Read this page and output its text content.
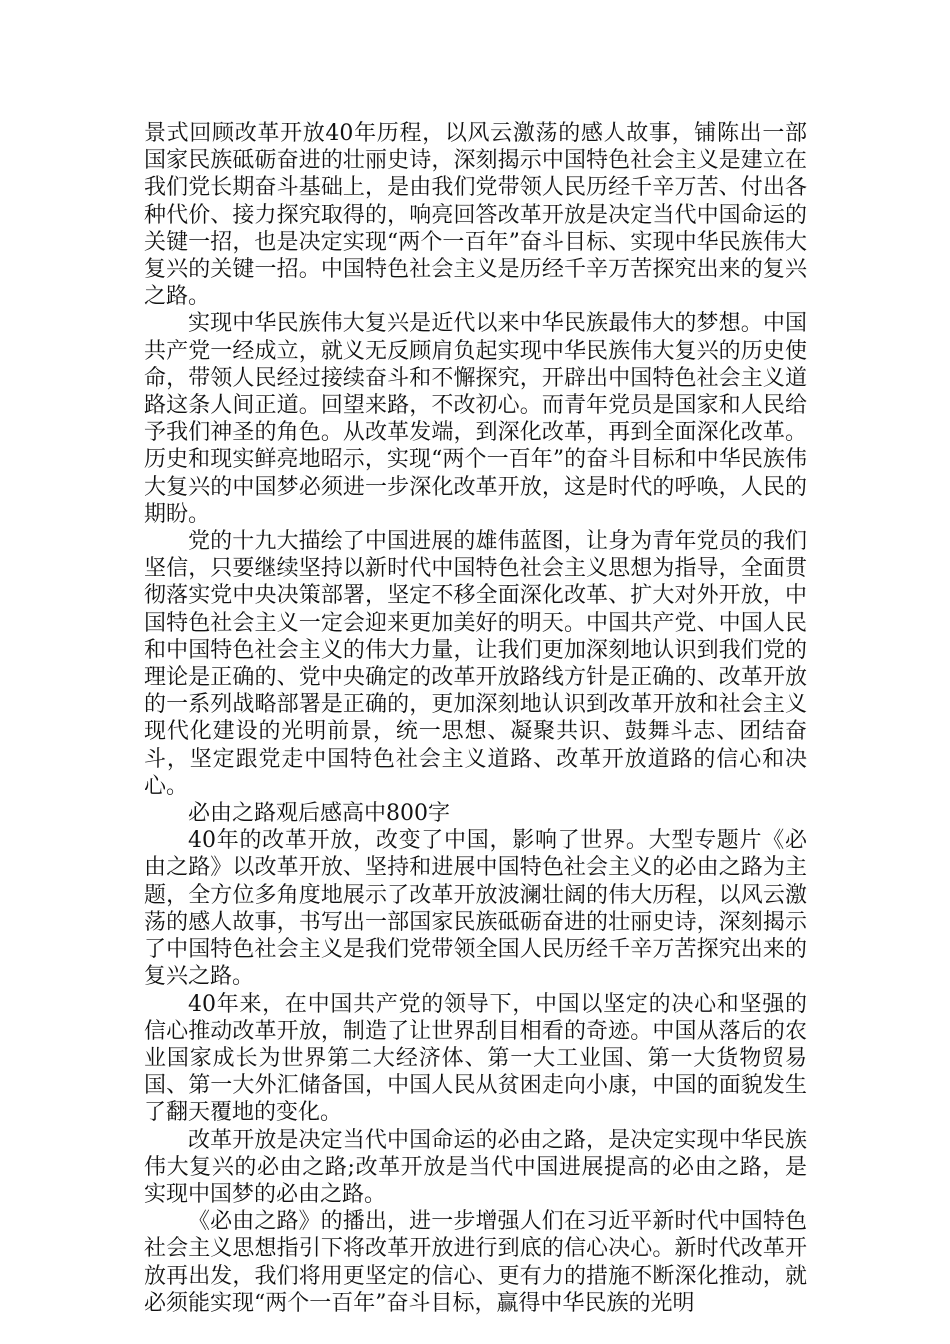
景式回顾改革开放40年历程，以风云激荡的感人故事，铺陈出一部国家民族砥砺奋进的壮丽史诗，深刻揭示中国特色社会主义是建立在我们党长期奋斗基础上，是由我们党带领人民历经千辛万苦、付出各种代价、接力探究取得的，响亮回答改革开放是决定当代中国命运的关键一招，也是决定实现“两个一百年”奋斗目标、实现中华民族伟大复兴的关键一招。中国特色社会主义是历经千辛万苦探究出来的复兴之路。

实现中华民族伟大复兴是近代以来中华民族最伟大的梦想。中国共产党一经成立，就义无反顾肩负起实现中华民族伟大复兴的历史使命，带领人民经过接续奋斗和不懈探究，开辟出中国特色社会主义道路这条人间正道。回望来路，不改初心。而青年党员是国家和人民给予我们神圣的角色。从改革发端，到深化改革，再到全面深化改革。历史和现实鲜亮地昭示，实现“两个一百年”的奋斗目标和中华民族伟大复兴的中国梦必须进一步深化改革开放，这是时代的呼唤，人民的期盼。

党的十九大描绘了中国进展的雄伟蓝图，让身为青年党员的我们坚信，只要继续坚持以新时代中国特色社会主义思想为指导，全面贯彻落实党中央决策部署，坚定不移全面深化改革、扩大对外开放，中国特色社会主义一定会迎来更加美好的明天。中国共产党、中国人民和中国特色社会主义的伟大力量，让我们更加深刻地认识到我们党的理论是正确的、党中央确定的改革开放路线方针是正确的、改革开放的一系列战略部署是正确的，更加深刻地认识到改革开放和社会主义现代化建设的光明前景，统一思想、凝聚共识、鼓舞斗志、团结奋斗，坚定跟党走中国特色社会主义道路、改革开放道路的信心和决心。

必由之路观后感高中800字

40年的改革开放，改变了中国，影响了世界。大型专题片《必由之路》以改革开放、坚持和进展中国特色社会主义的必由之路为主题，全方位多角度地展示了改革开放波澜壮阔的伟大历程，以风云激荡的感人故事，书写出一部国家民族砥砺奋进的壮丽史诗，深刻揭示了中国特色社会主义是我们党带领全国人民历经千辛万苦探究出来的复兴之路。

40年来，在中国共产党的领导下，中国以坚定的决心和坚强的信心推动改革开放，制造了让世界刮目相看的奇迹。中国从落后的农业国家成长为世界第二大经济体、第一大工业国、第一大货物贸易国、第一大外汇储备国，中国人民从贫困走向小康，中国的面貌发生了翻天覆地的变化。

改革开放是决定当代中国命运的必由之路，是决定实现中华民族伟大复兴的必由之路;改革开放是当代中国进展提高的必由之路，是实现中国梦的必由之路。

《必由之路》的播出，进一步增强人们在习近平新时代中国特色社会主义思想指引下将改革开放进行到底的信心决心。新时代改革开放再出发，我们将用更坚定的信心、更有力的措施不断深化推动，就必须能实现“两个一百年”奋斗目标，赢得中华民族的光明
